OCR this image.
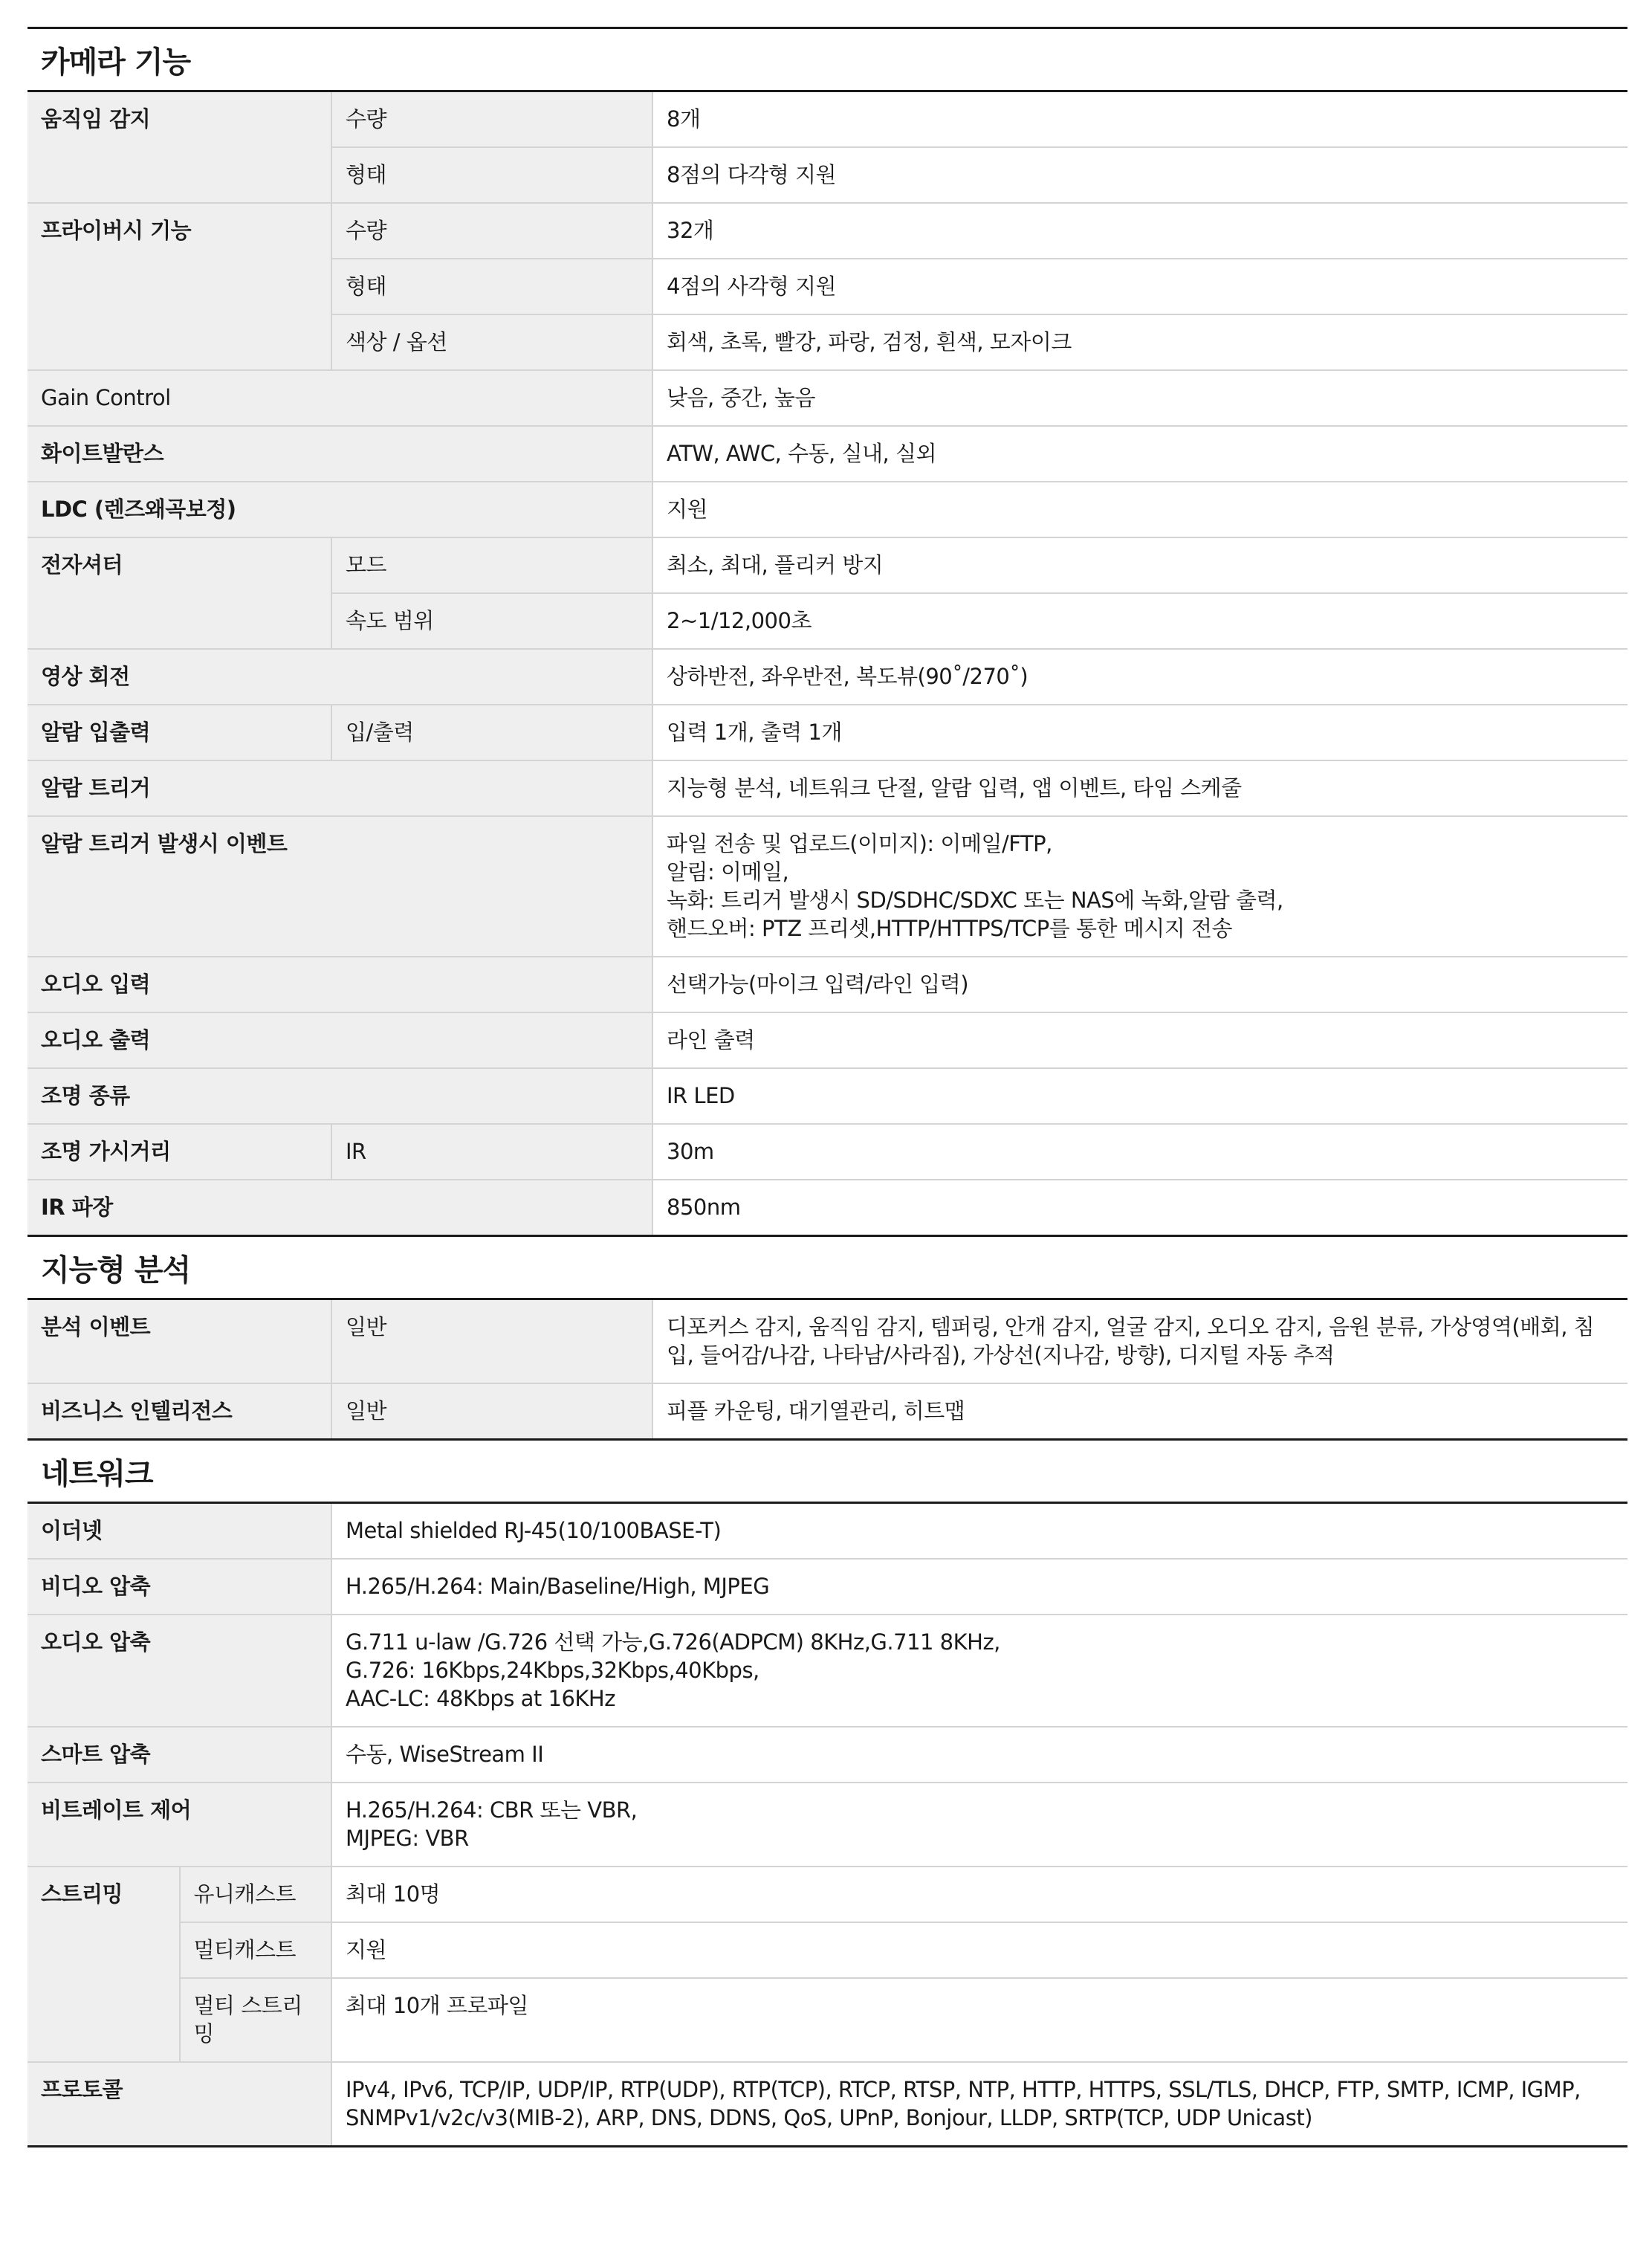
카메라 기능
움직임 감지	수량	8개
	형태	8점의 다각형 지원
프라이버시 기능	수량	32개
	형태	4점의 사각형 지원
	색상 / 옵션	회색, 초록, 빨강, 파랑, 검정, 흰색, 모자이크
Gain Control		낮음, 중간, 높음
화이트발란스		ATW, AWC, 수동, 실내, 실외
LDC (렌즈왜곡보정)		지원
전자셔터	모드	최소, 최대, 플리커 방지
	속도 범위	2~1/12,000초
영상 회전		상하반전, 좌우반전, 복도뷰(90˚/270˚)
알람 입출력	입/출력	입력 1개, 출력 1개
알람 트리거		지능형 분석, 네트워크 단절, 알람 입력, 앱 이벤트, 타임 스케줄
알람 트리거 발생시 이벤트		파일 전송 및 업로드(이미지): 이메일/FTP,
알림: 이메일,
녹화: 트리거 발생시 SD/SDHC/SDXC 또는 NAS에 녹화,알람 출력,
핸드오버: PTZ 프리셋,HTTP/HTTPS/TCP를 통한 메시지 전송
오디오 입력		선택가능(마이크 입력/라인 입력)
오디오 출력		라인 출력
조명 종류		IR LED
조명 가시거리	IR	30m
IR 파장		850nm
지능형 분석
분석 이벤트	일반	디포커스 감지, 움직임 감지, 템퍼링, 안개 감지, 얼굴 감지, 오디오 감지, 음원 분류, 가상영역(배회, 침입, 들어감/나감, 나타남/사라짐), 가상선(지나감, 방향), 디지털 자동 추적
비즈니스 인텔리전스	일반	피플 카운팅, 대기열관리, 히트맵
네트워크
이더넷		Metal shielded RJ-45(10/100BASE-T)
비디오 압축		H.265/H.264: Main/Baseline/High, MJPEG
오디오 압축		G.711 u-law /G.726 선택 가능,G.726(ADPCM) 8KHz,G.711 8KHz,
G.726: 16Kbps,24Kbps,32Kbps,40Kbps,
AAC-LC: 48Kbps at 16KHz
스마트 압축		수동, WiseStream II
비트레이트 제어		H.265/H.264: CBR 또는 VBR,
MJPEG: VBR
스트리밍	유니캐스트	최대 10명
	멀티캐스트	지원
	멀티 스트리밍	최대 10개 프로파일
프로토콜		IPv4, IPv6, TCP/IP, UDP/IP, RTP(UDP), RTP(TCP), RTCP, RTSP, NTP, HTTP, HTTPS, SSL/TLS, DHCP, FTP, SMTP, ICMP, IGMP, SNMPv1/v2c/v3(MIB-2), ARP, DNS, DDNS, QoS, UPnP, Bonjour, LLDP, SRTP(TCP, UDP Unicast)
